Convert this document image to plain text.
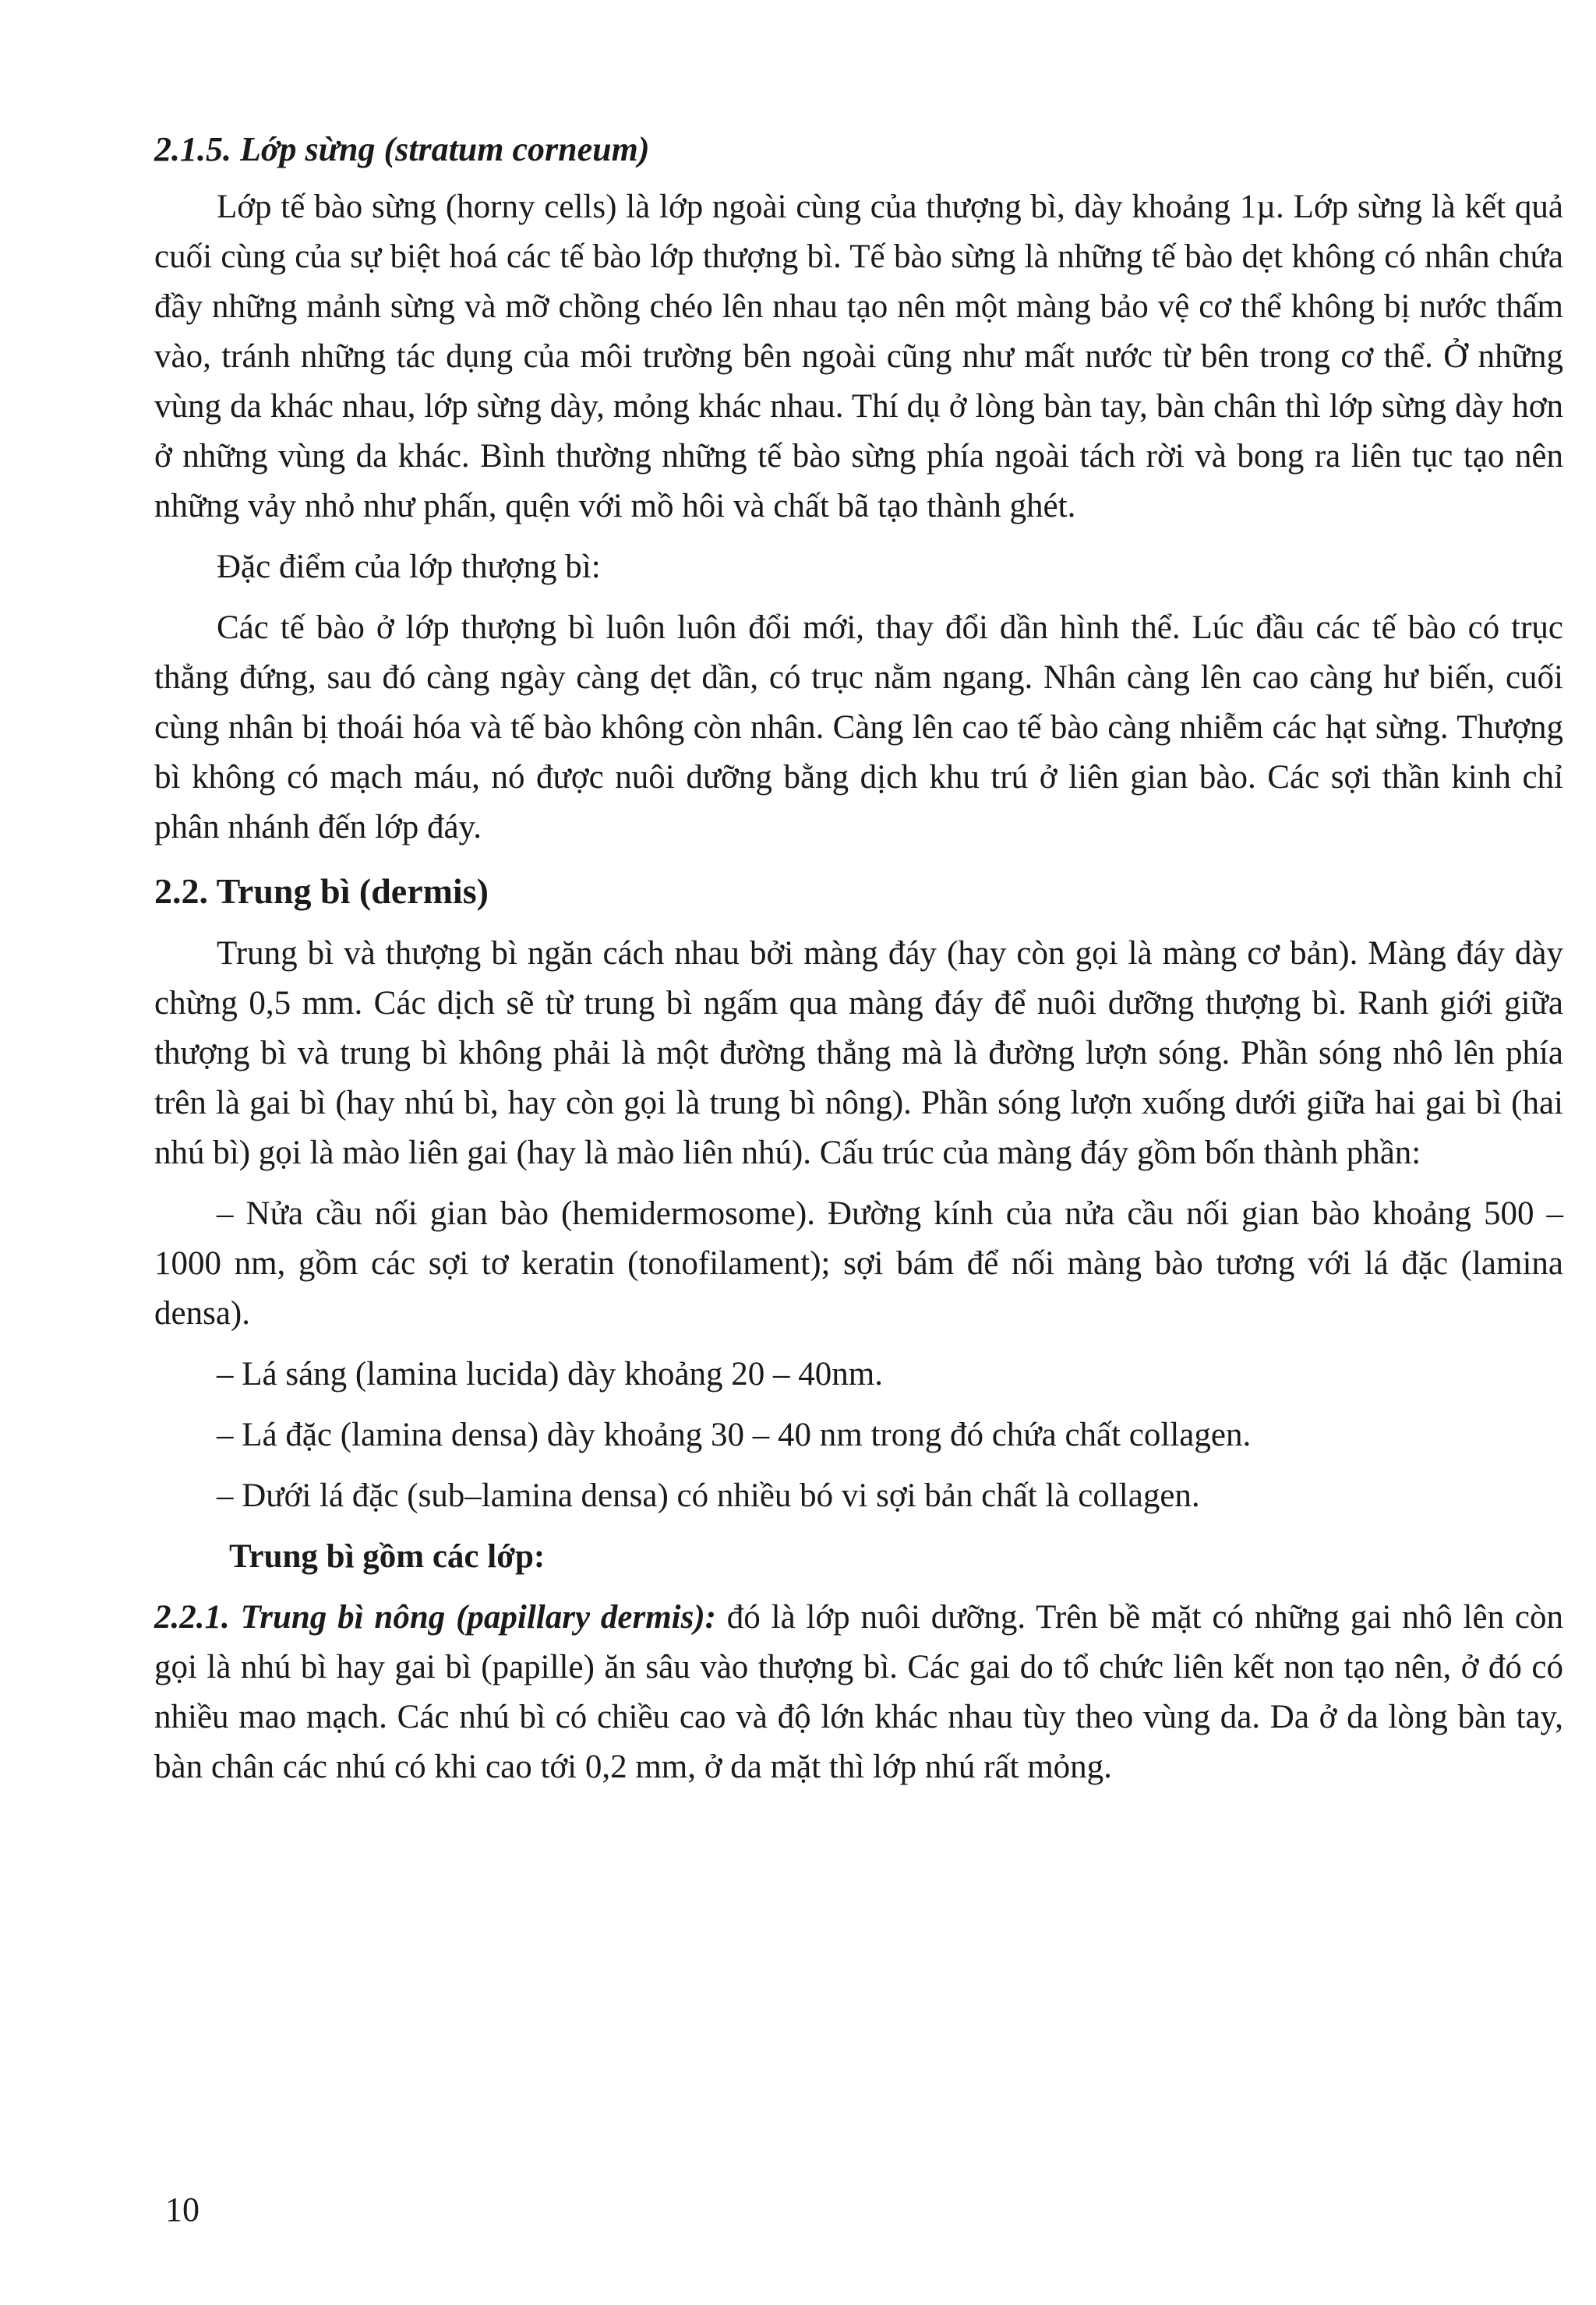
2.1.5. Lớp sừng (stratum corneum)

Lớp tế bào sừng (horny cells) là lớp ngoài cùng của thượng bì, dày khoảng 1µ. Lớp sừng là kết quả cuối cùng của sự biệt hoá các tế bào lớp thượng bì. Tế bào sừng là những tế bào dẹt không có nhân chứa đầy những mảnh sừng và mỡ chồng chéo lên nhau tạo nên một màng bảo vệ cơ thể không bị nước thấm vào, tránh những tác dụng của môi trường bên ngoài cũng như mất nước từ bên trong cơ thể. Ở những vùng da khác nhau, lớp sừng dày, mỏng khác nhau. Thí dụ ở lòng bàn tay, bàn chân thì lớp sừng dày hơn ở những vùng da khác. Bình thường những tế bào sừng phía ngoài tách rời và bong ra liên tục tạo nên những vảy nhỏ như phấn, quện với mồ hôi và chất bã tạo thành ghét.

Đặc điểm của lớp thượng bì:

Các tế bào ở lớp thượng bì luôn luôn đổi mới, thay đổi dần hình thể. Lúc đầu các tế bào có trục thẳng đứng, sau đó càng ngày càng dẹt dần, có trục nằm ngang. Nhân càng lên cao càng hư biến, cuối cùng nhân bị thoái hóa và tế bào không còn nhân. Càng lên cao tế bào càng nhiễm các hạt sừng. Thượng bì không có mạch máu, nó được nuôi dưỡng bằng dịch khu trú ở liên gian bào. Các sợi thần kinh chỉ phân nhánh đến lớp đáy.

2.2. Trung bì (dermis)

Trung bì và thượng bì ngăn cách nhau bởi màng đáy (hay còn gọi là màng cơ bản). Màng đáy dày chừng 0,5 mm. Các dịch sẽ từ trung bì ngấm qua màng đáy để nuôi dưỡng thượng bì. Ranh giới giữa thượng bì và trung bì không phải là một đường thẳng mà là đường lượn sóng. Phần sóng nhô lên phía trên là gai bì (hay nhú bì, hay còn gọi là trung bì nông). Phần sóng lượn xuống dưới giữa hai gai bì (hai nhú bì) gọi là mào liên gai (hay là mào liên nhú). Cấu trúc của màng đáy gồm bốn thành phần:

– Nửa cầu nối gian bào (hemidermosome). Đường kính của nửa cầu nối gian bào khoảng 500 – 1000 nm, gồm các sợi tơ keratin (tonofilament); sợi bám để nối màng bào tương với lá đặc (lamina densa).

– Lá sáng (lamina lucida) dày khoảng 20 – 40nm.

– Lá đặc (lamina densa) dày khoảng 30 – 40 nm trong đó chứa chất collagen.

– Dưới lá đặc (sub–lamina densa) có nhiều bó vi sợi bản chất là collagen.

Trung bì gồm các lớp:

2.2.1. Trung bì nông (papillary dermis): đó là lớp nuôi dưỡng. Trên bề mặt có những gai nhô lên còn gọi là nhú bì hay gai bì (papille) ăn sâu vào thượng bì. Các gai do tổ chức liên kết non tạo nên, ở đó có nhiều mao mạch. Các nhú bì có chiều cao và độ lớn khác nhau tùy theo vùng da. Da ở da lòng bàn tay, bàn chân các nhú có khi cao tới 0,2 mm, ở da mặt thì lớp nhú rất mỏng.

10
